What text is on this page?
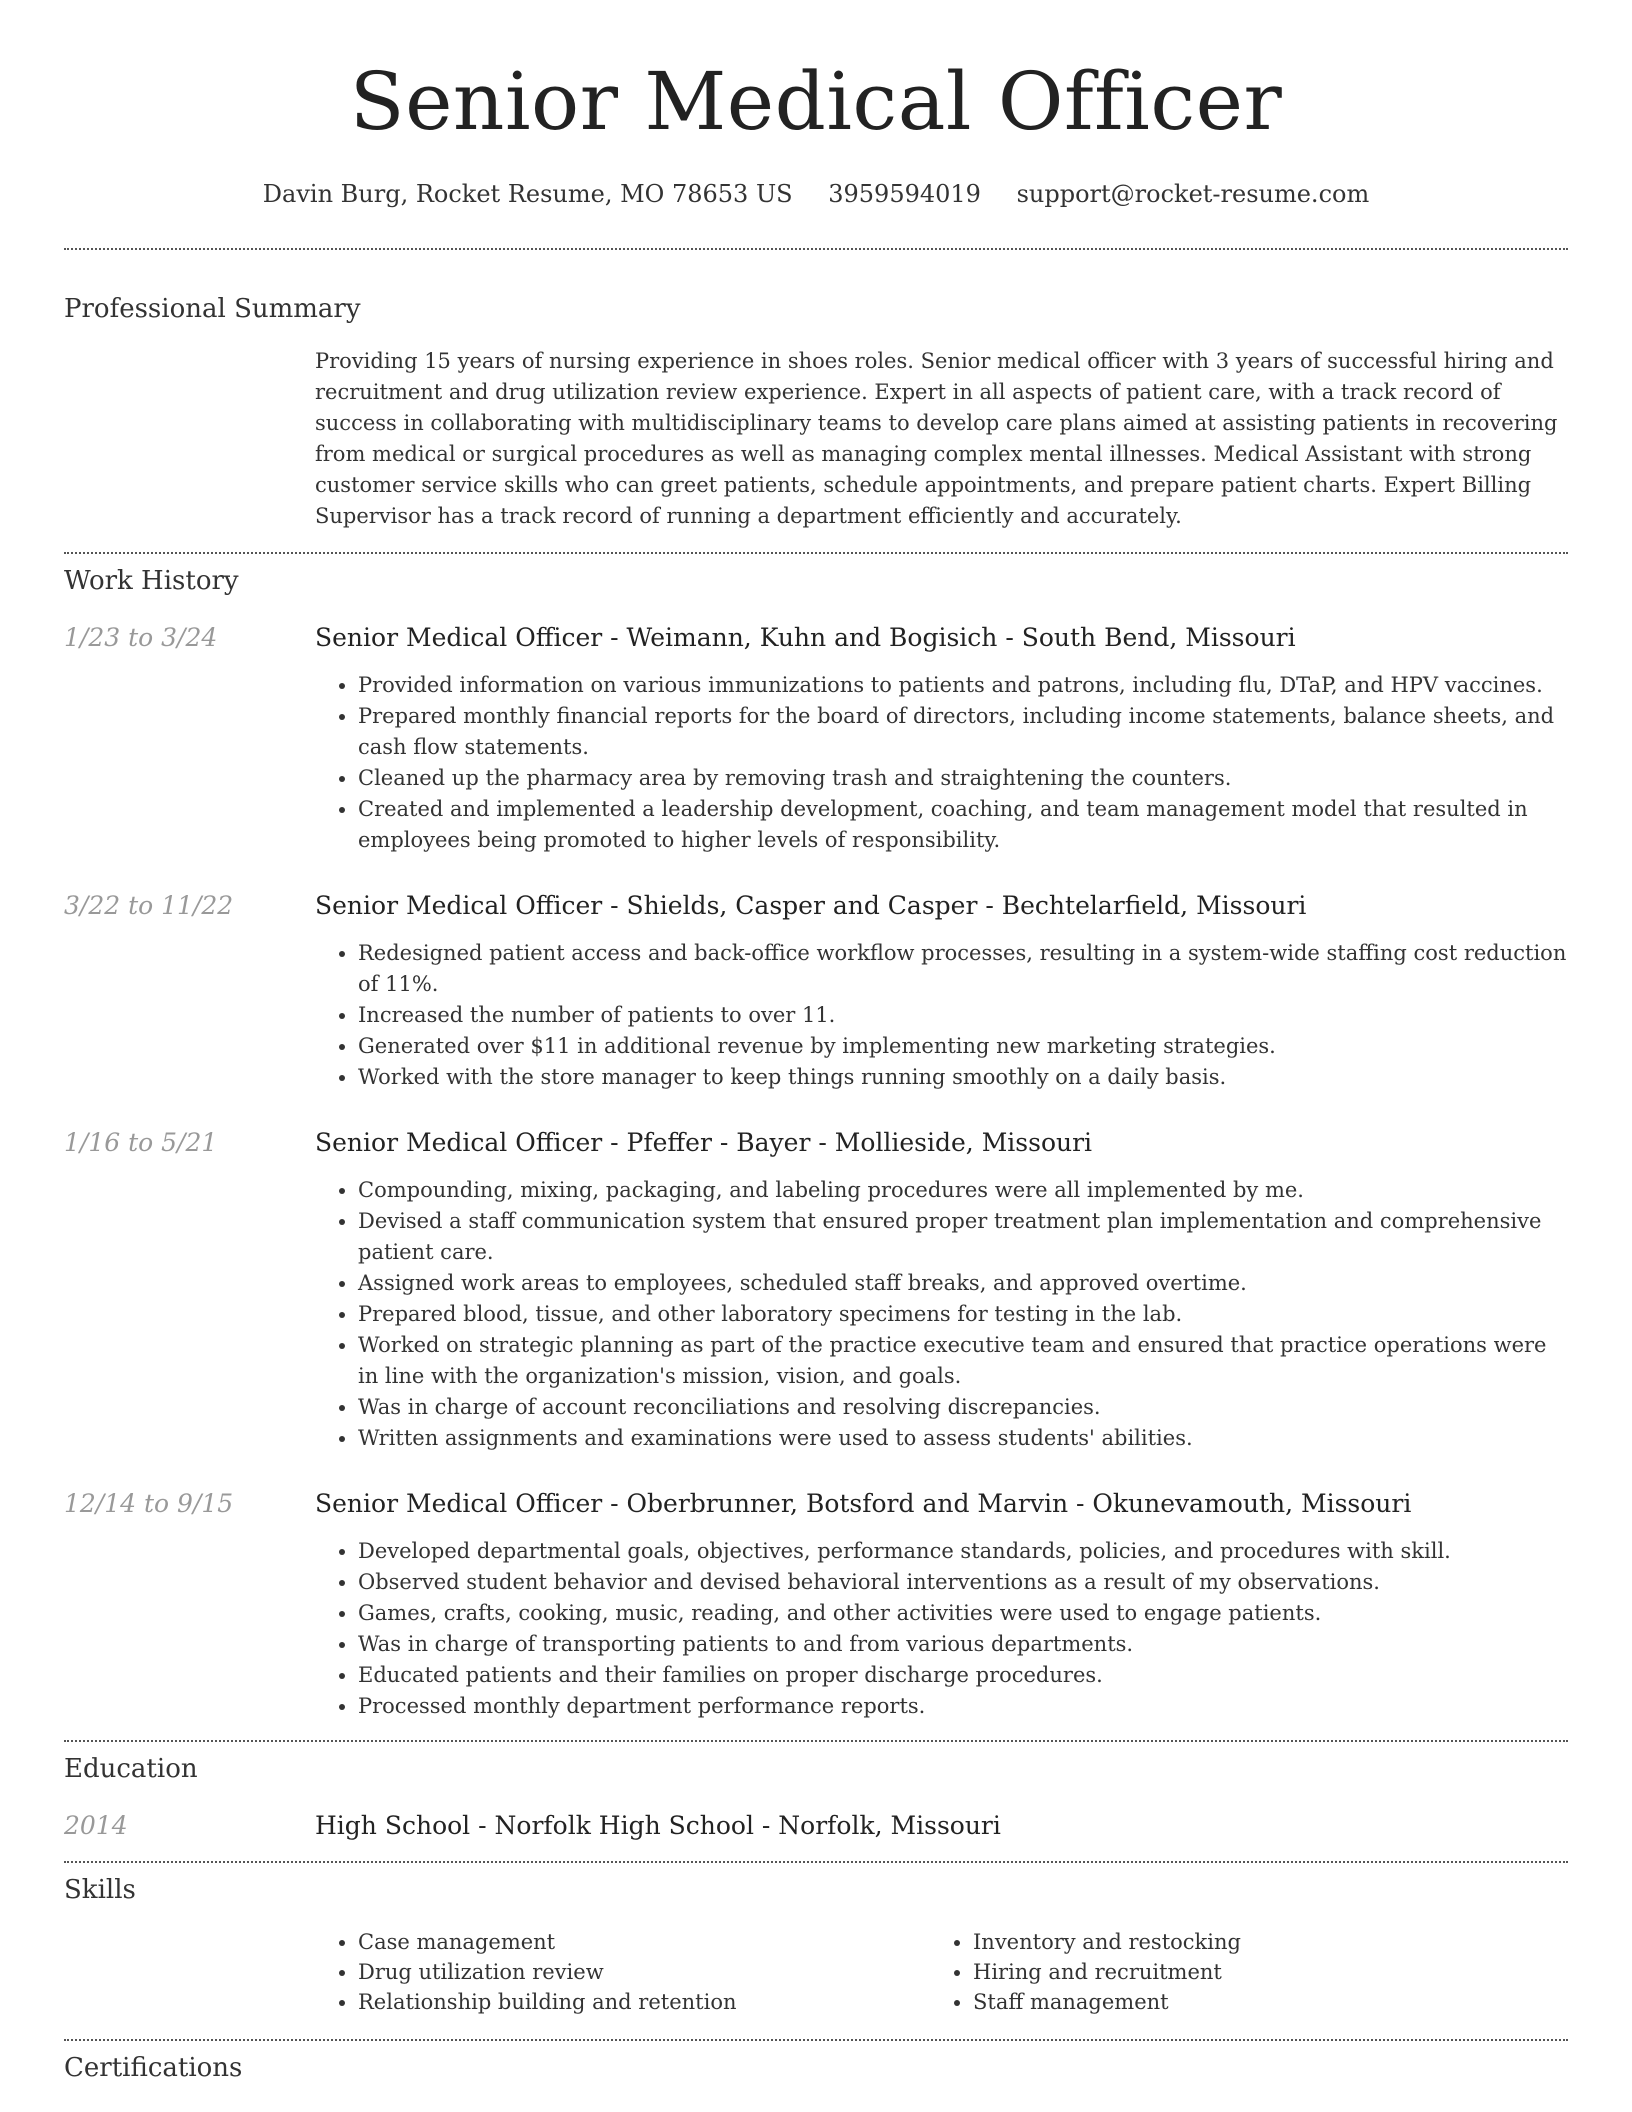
Senior Medical Officer
Davin Burg, Rocket Resume, MO 78653 US 3959594019 support@rocket-resume.com
Professional Summary

Providing 15 years of nursing experience in shoes roles. Senior medical officer with 3 years of successful hiring and recruitment and drug utilization review experience. Expert in all aspects of patient care, with a track record of success in collaborating with multidisciplinary teams to develop care plans aimed at assisting patients in recovering from medical or surgical procedures as well as managing complex mental illnesses. Medical Assistant with strong customer service skills who can greet patients, schedule appointments, and prepare patient charts. Expert Billing Supervisor has a track record of running a department efficiently and accurately.

Work History
1/23 to 3/24	Senior Medical Officer - Weimann, Kuhn and Bogisich - South Bend, Missouri
• Provided information on various immunizations to patients and patrons, including flu, DTaP, and HPV vaccines.
• Prepared monthly financial reports for the board of directors, including income statements, balance sheets, and cash flow statements.
• Cleaned up the pharmacy area by removing trash and straightening the counters.
• Created and implemented a leadership development, coaching, and team management model that resulted in employees being promoted to higher levels of responsibility.
3/22 to 11/22	Senior Medical Officer - Shields, Casper and Casper - Bechtelarfield, Missouri
• Redesigned patient access and back-office workflow processes, resulting in a system-wide staffing cost reduction of 11%.
• Increased the number of patients to over 11.
• Generated over $11 in additional revenue by implementing new marketing strategies.
• Worked with the store manager to keep things running smoothly on a daily basis.
1/16 to 5/21	Senior Medical Officer - Pfeffer - Bayer - Mollieside, Missouri
• Compounding, mixing, packaging, and labeling procedures were all implemented by me.
• Devised a staff communication system that ensured proper treatment plan implementation and comprehensive patient care.
• Assigned work areas to employees, scheduled staff breaks, and approved overtime.
• Prepared blood, tissue, and other laboratory specimens for testing in the lab.
• Worked on strategic planning as part of the practice executive team and ensured that practice operations were in line with the organization's mission, vision, and goals.
• Was in charge of account reconciliations and resolving discrepancies.
• Written assignments and examinations were used to assess students' abilities.
12/14 to 9/15	Senior Medical Officer - Oberbrunner, Botsford and Marvin - Okunevamouth, Missouri
• Developed departmental goals, objectives, performance standards, policies, and procedures with skill.
• Observed student behavior and devised behavioral interventions as a result of my observations.
• Games, crafts, cooking, music, reading, and other activities were used to engage patients.
• Was in charge of transporting patients to and from various departments.
• Educated patients and their families on proper discharge procedures.
• Processed monthly department performance reports.
Education
2014	High School - Norfolk High School - Norfolk, Missouri
Skills
• Case management
• Drug utilization review
• Relationship building and retention
• Inventory and restocking
• Hiring and recruitment
• Staff management
Certifications
